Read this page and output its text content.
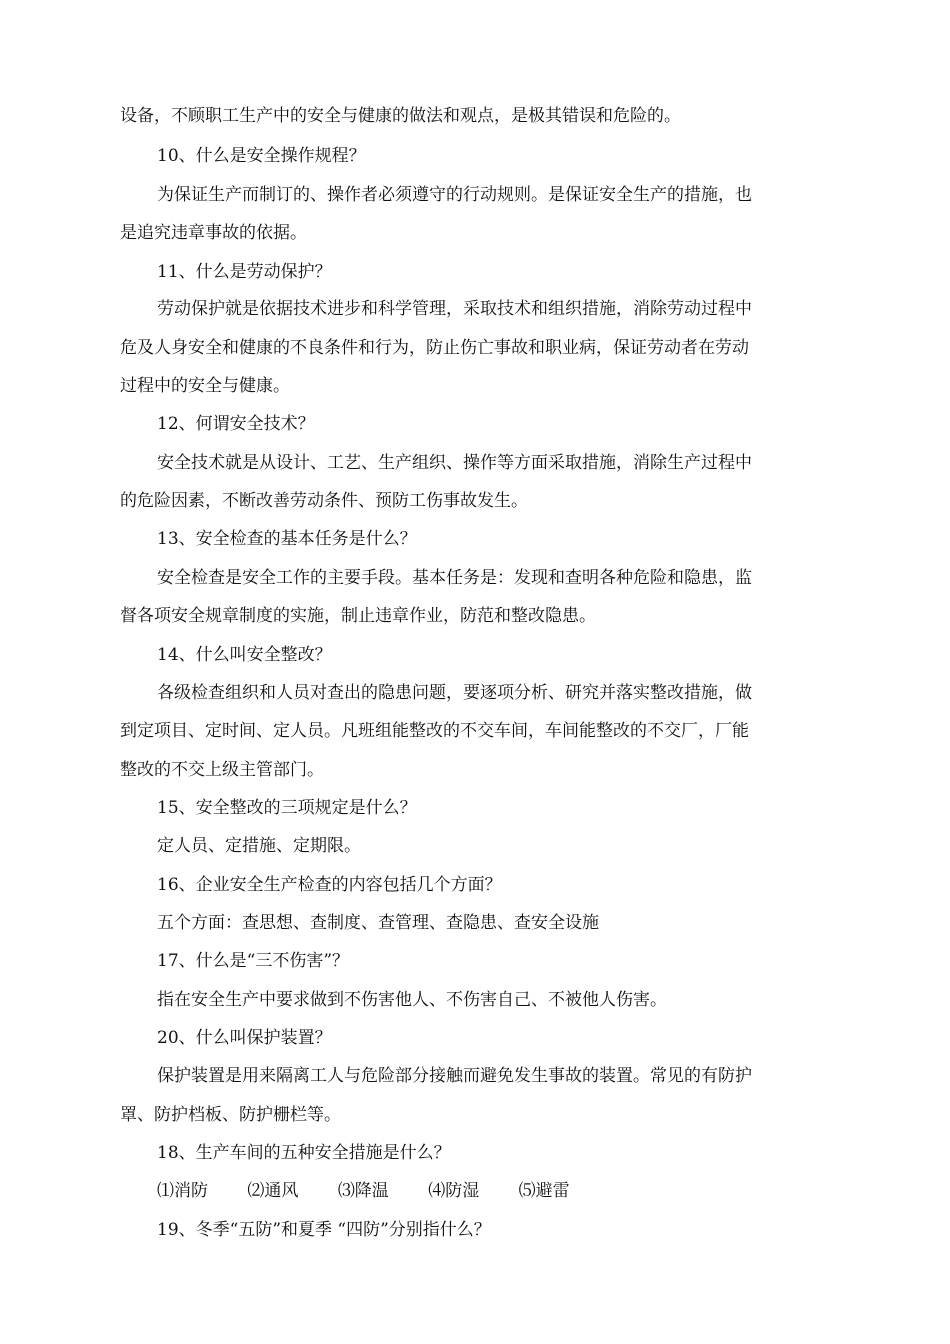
设备，不顾职工生产中的安全与健康的做法和观点，是极其错误和危险的。
10、什么是安全操作规程？
为保证生产而制订的、操作者必须遵守的行动规则。是保证安全生产的措施，也
是追究违章事故的依据。
11、什么是劳动保护？
劳动保护就是依据技术进步和科学管理，采取技术和组织措施，消除劳动过程中
危及人身安全和健康的不良条件和行为，防止伤亡事故和职业病，保证劳动者在劳动
过程中的安全与健康。
12、何谓安全技术？
安全技术就是从设计、工艺、生产组织、操作等方面采取措施，消除生产过程中
的危险因素，不断改善劳动条件、预防工伤事故发生。
13、安全检查的基本任务是什么？
安全检查是安全工作的主要手段。基本任务是：发现和查明各种危险和隐患，监
督各项安全规章制度的实施，制止违章作业，防范和整改隐患。
14、什么叫安全整改？
各级检查组织和人员对查出的隐患问题，要逐项分析、研究并落实整改措施，做
到定项目、定时间、定人员。凡班组能整改的不交车间，车间能整改的不交厂，厂能
整改的不交上级主管部门。
15、安全整改的三项规定是什么？
定人员、定措施、定期限。
16、企业安全生产检查的内容包括几个方面？
五个方面：查思想、查制度、查管理、查隐患、查安全设施
17、什么是“三不伤害”？
指在安全生产中要求做到不伤害他人、不伤害自己、不被他人伤害。
20、什么叫保护装置？
保护装置是用来隔离工人与危险部分接触而避免发生事故的装置。常见的有防护
罩、防护档板、防护栅栏等。
18、生产车间的五种安全措施是什么？
⑴消防 ⑵通风 ⑶降温 ⑷防湿 ⑸避雷
19、冬季“五防”和夏季 “四防”分别指什么？
